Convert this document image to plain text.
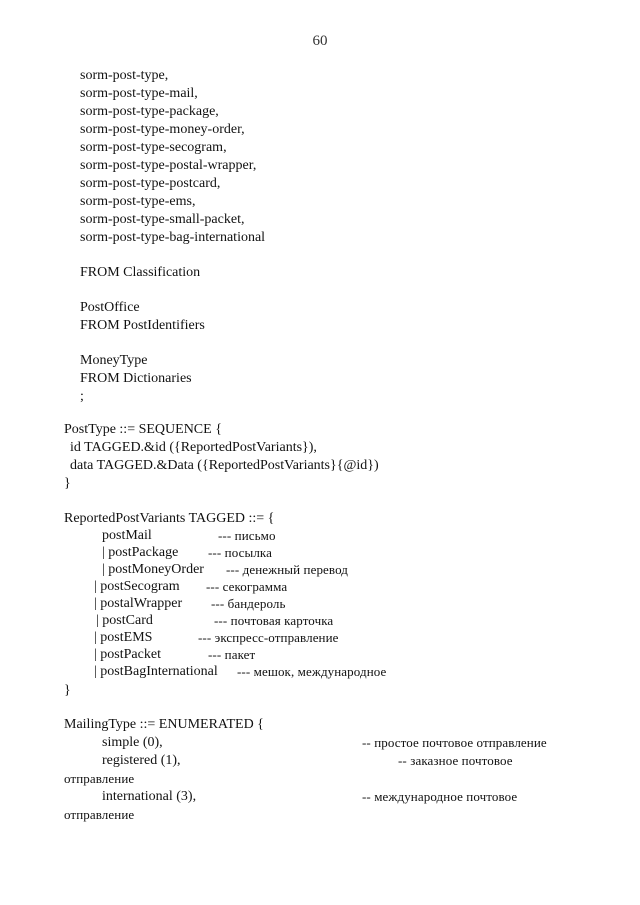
60
sorm-post-type,
sorm-post-type-mail,
sorm-post-type-package,
sorm-post-type-money-order,
sorm-post-type-secogram,
sorm-post-type-postal-wrapper,
sorm-post-type-postcard,
sorm-post-type-ems,
sorm-post-type-small-packet,
sorm-post-type-bag-international
FROM Classification
PostOffice
FROM PostIdentifiers
MoneyType
FROM Dictionaries
;
PostType ::= SEQUENCE {
id TAGGED.&id ({ReportedPostVariants}),
data TAGGED.&Data ({ReportedPostVariants}{@id})
}
ReportedPostVariants TAGGED ::= {
postMail	--- письмо
| postPackage --- посылка
| postMoneyOrder --- денежный перевод
| postSecogram --- секограмма
| postalWrapper --- бандероль
| postCard	--- почтовая карточка
| postEMS	--- экспресс-отправление
| postPacket	--- пакет
| postBagInternational --- мешок, международное
}
MailingType ::= ENUMERATED {
simple (0),	-- простое почтовое отправление
registered (1),	-- заказное почтовое
отправление
international (3),	-- международное почтовое
отправление
